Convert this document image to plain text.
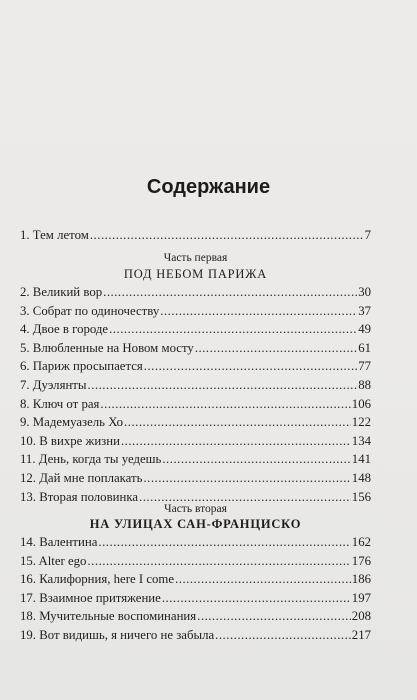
Содержание
1. Тем летом .....	7
Часть первая
ПОД НЕБОМ ПАРИЖА
2. Великий вор .....	30
3. Собрат по одиночеству .....	37
4. Двое в городе .....	49
5. Влюбленные на Новом мосту .....	61
6. Париж просыпается .....	77
7. Дуэлянты .....	88
8. Ключ от рая .....	106
9. Мадемуазель Хо .....	122
10. В вихре жизни .....	134
11. День, когда ты уедешь .....	141
12. Дай мне поплакать .....	148
13. Вторая половинка .....	156
Часть вторая
НА УЛИЦАХ САН-ФРАНЦИСКО
14. Валентина .....	162
15. Alter ego .....	176
16. Калифорния, here I come .....	186
17. Взаимное притяжение .....	197
18. Мучительные воспоминания .....	208
19. Вот видишь, я ничего не забыла .....	217
